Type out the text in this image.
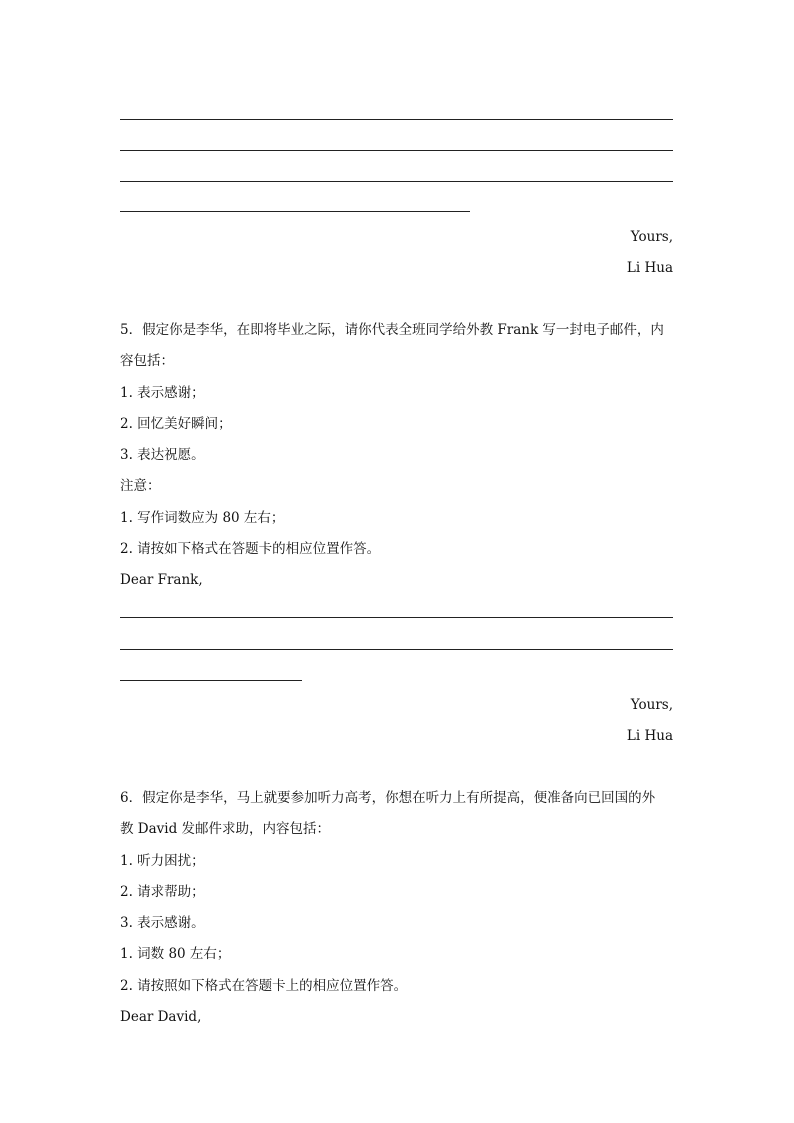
Yours,
Li Hua
5．假定你是李华，在即将毕业之际，请你代表全班同学给外教 Frank 写一封电子邮件，内
容包括：
1. 表示感谢；
2. 回忆美好瞬间；
3. 表达祝愿。
注意：
1. 写作词数应为 80 左右；
2. 请按如下格式在答题卡的相应位置作答。
Dear Frank,
Yours,
Li Hua
6．假定你是李华，马上就要参加听力高考，你想在听力上有所提高，便准备向已回国的外
教 David 发邮件求助，内容包括：
1. 听力困扰；
2. 请求帮助；
3. 表示感谢。
1. 词数 80 左右；
2. 请按照如下格式在答题卡上的相应位置作答。
Dear David,
